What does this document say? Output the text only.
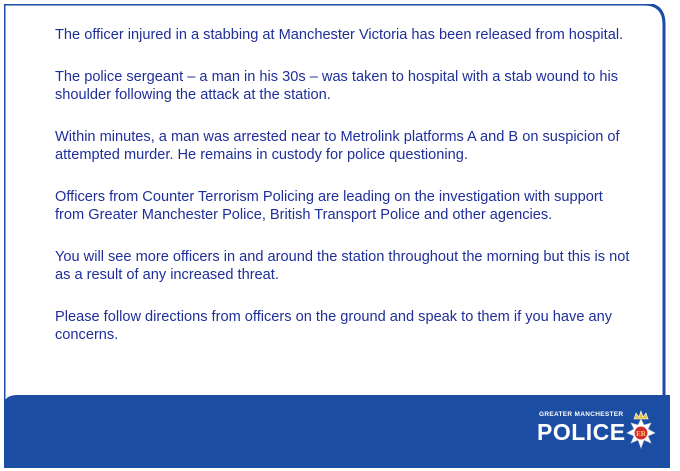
The officer injured in a stabbing at Manchester Victoria has been released from hospital.

The police sergeant – a man in his 30s – was taken to hospital with a stab wound to his shoulder following the attack at the station.

Within minutes, a man was arrested near to Metrolink platforms A and B on suspicion of attempted murder. He remains in custody for police questioning.

Officers from Counter Terrorism Policing are leading on the investigation with support from Greater Manchester Police, British Transport Police and other agencies.

You will see more officers in and around the station throughout the morning but this is not as a result of any increased threat.

Please follow directions from officers on the ground and speak to them if you have any concerns.

GREATER MANCHESTER
POLICE ER
